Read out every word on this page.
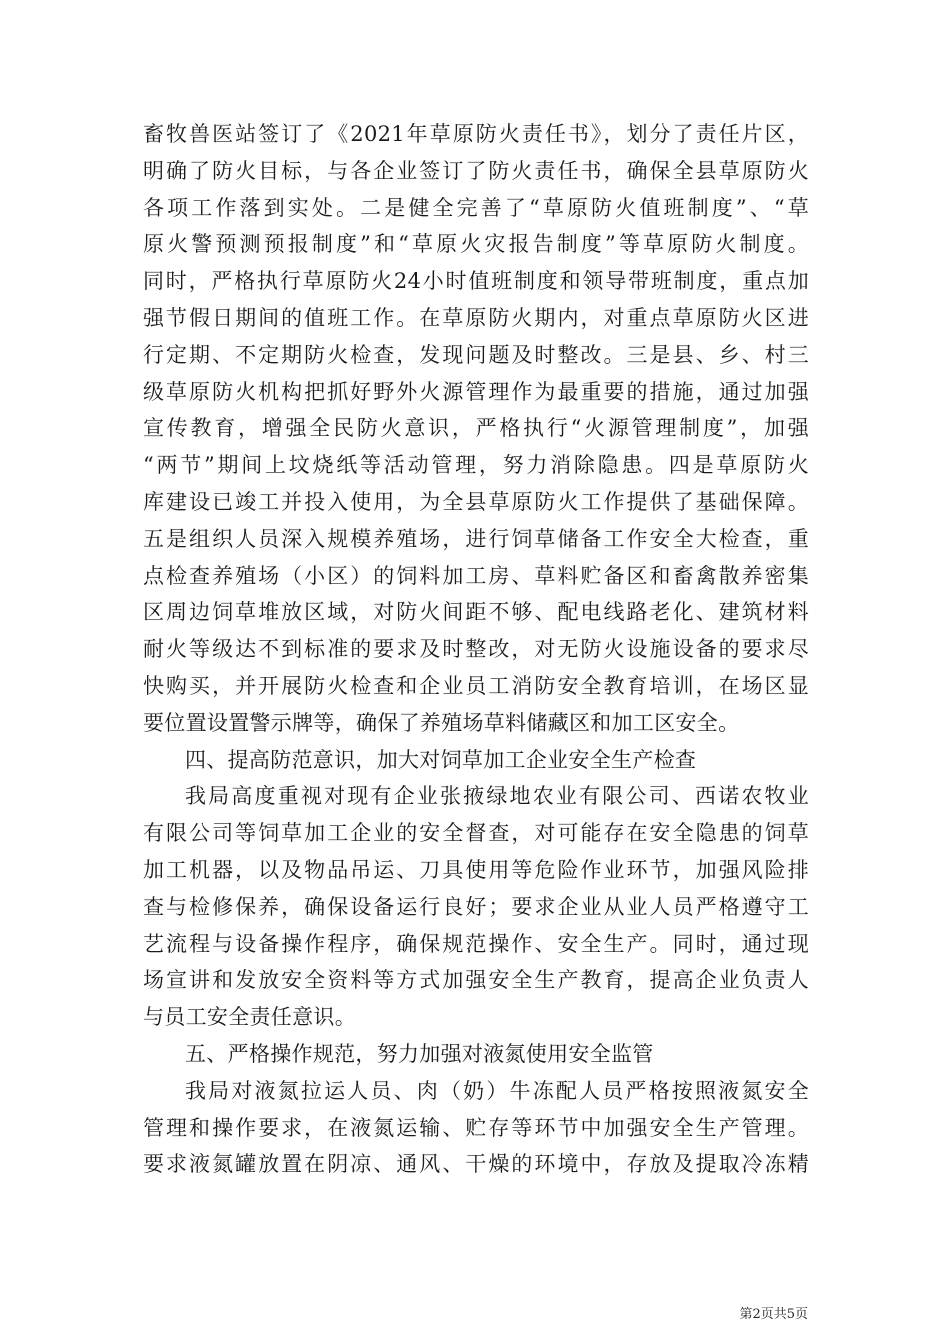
畜牧兽医站签订了《2021年草原防火责任书》，划分了责任片区，
明确了防火目标，与各企业签订了防火责任书，确保全县草原防火
各项工作落到实处。二是健全完善了“草原防火值班制度”、“草
原火警预测预报制度”和“草原火灾报告制度”等草原防火制度。
同时，严格执行草原防火24小时值班制度和领导带班制度，重点加
强节假日期间的值班工作。在草原防火期内，对重点草原防火区进
行定期、不定期防火检查，发现问题及时整改。三是县、乡、村三
级草原防火机构把抓好野外火源管理作为最重要的措施，通过加强
宣传教育，增强全民防火意识，严格执行“火源管理制度”，加强
“两节”期间上坟烧纸等活动管理，努力消除隐患。四是草原防火
库建设已竣工并投入使用，为全县草原防火工作提供了基础保障。
五是组织人员深入规模养殖场，进行饲草储备工作安全大检查，重
点检查养殖场（小区）的饲料加工房、草料贮备区和畜禽散养密集
区周边饲草堆放区域，对防火间距不够、配电线路老化、建筑材料
耐火等级达不到标准的要求及时整改，对无防火设施设备的要求尽
快购买，并开展防火检查和企业员工消防安全教育培训，在场区显
要位置设置警示牌等，确保了养殖场草料储藏区和加工区安全。
四、提高防范意识，加大对饲草加工企业安全生产检查
我局高度重视对现有企业张掖绿地农业有限公司、西诺农牧业
有限公司等饲草加工企业的安全督查，对可能存在安全隐患的饲草
加工机器，以及物品吊运、刀具使用等危险作业环节，加强风险排
查与检修保养，确保设备运行良好；要求企业从业人员严格遵守工
艺流程与设备操作程序，确保规范操作、安全生产。同时，通过现
场宣讲和发放安全资料等方式加强安全生产教育，提高企业负责人
与员工安全责任意识。
五、严格操作规范，努力加强对液氮使用安全监管
我局对液氮拉运人员、肉（奶）牛冻配人员严格按照液氮安全
管理和操作要求，在液氮运输、贮存等环节中加强安全生产管理。
要求液氮罐放置在阴凉、通风、干燥的环境中，存放及提取冷冻精
第2页共5页
